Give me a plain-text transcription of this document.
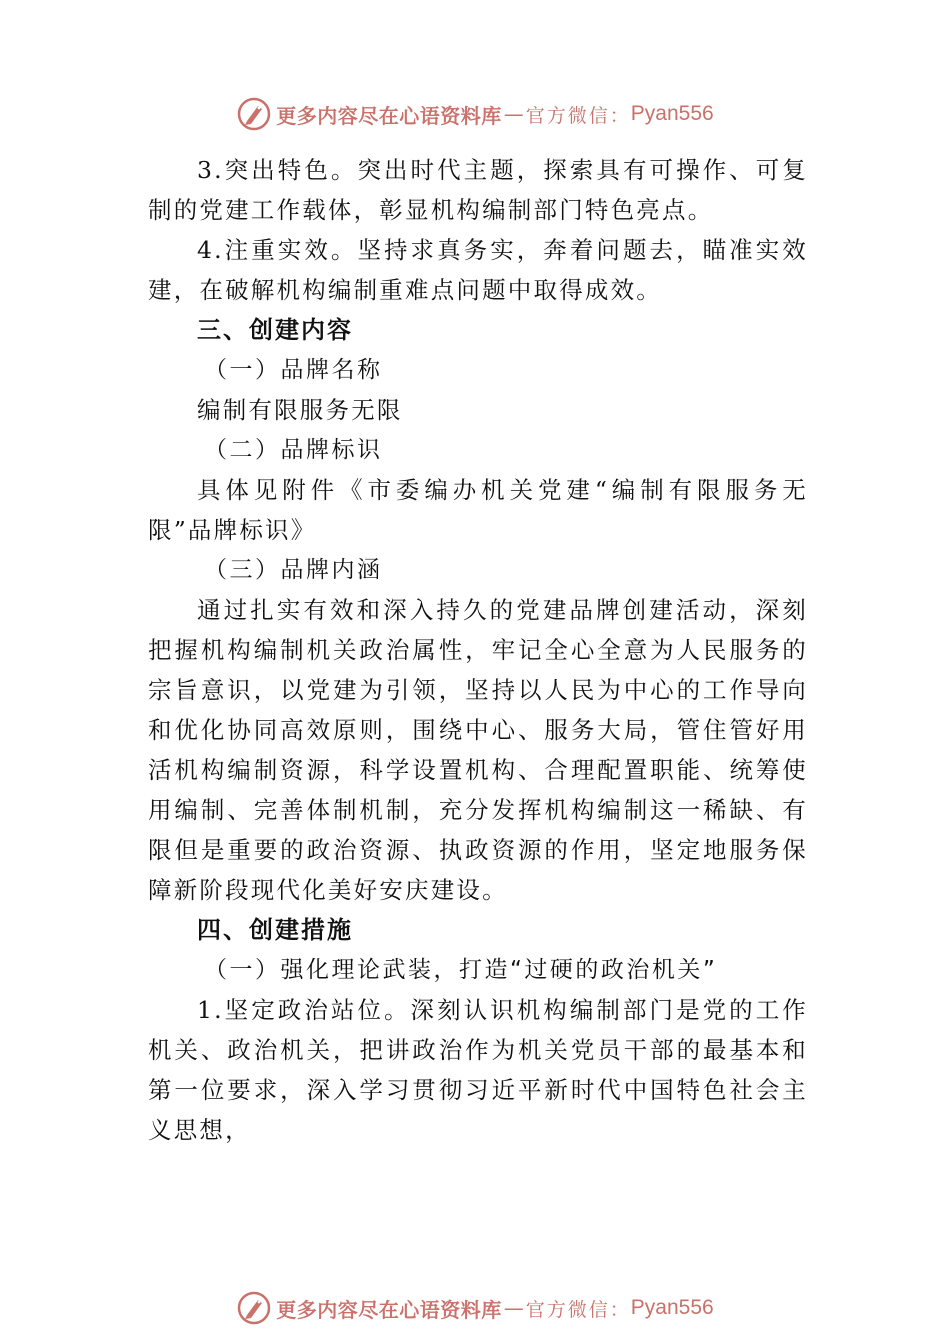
更多内容尽在心语资料库 — 官方微信： Pyan556

3.突出特色。突出时代主题，探索具有可操作、可复制的党建工作载体，彰显机构编制部门特色亮点。

4.注重实效。坚持求真务实，奔着问题去，瞄准实效建，在破解机构编制重难点问题中取得成效。

三、创建内容

（一）品牌名称

编制有限服务无限

（二）品牌标识

具体见附件《市委编办机关党建“编制有限服务无限”品牌标识》

（三）品牌内涵

通过扎实有效和深入持久的党建品牌创建活动，深刻把握机构编制机关政治属性，牢记全心全意为人民服务的宗旨意识，以党建为引领，坚持以人民为中心的工作导向和优化协同高效原则，围绕中心、服务大局，管住管好用活机构编制资源，科学设置机构、合理配置职能、统筹使用编制、完善体制机制，充分发挥机构编制这一稀缺、有限但是重要的政治资源、执政资源的作用，坚定地服务保障新阶段现代化美好安庆建设。

四、创建措施

（一）强化理论武装，打造“过硬的政治机关”

1.坚定政治站位。深刻认识机构编制部门是党的工作机关、政治机关，把讲政治作为机关党员干部的最基本和第一位要求，深入学习贯彻习近平新时代中国特色社会主义思想，

更多内容尽在心语资料库 — 官方微信： Pyan556
